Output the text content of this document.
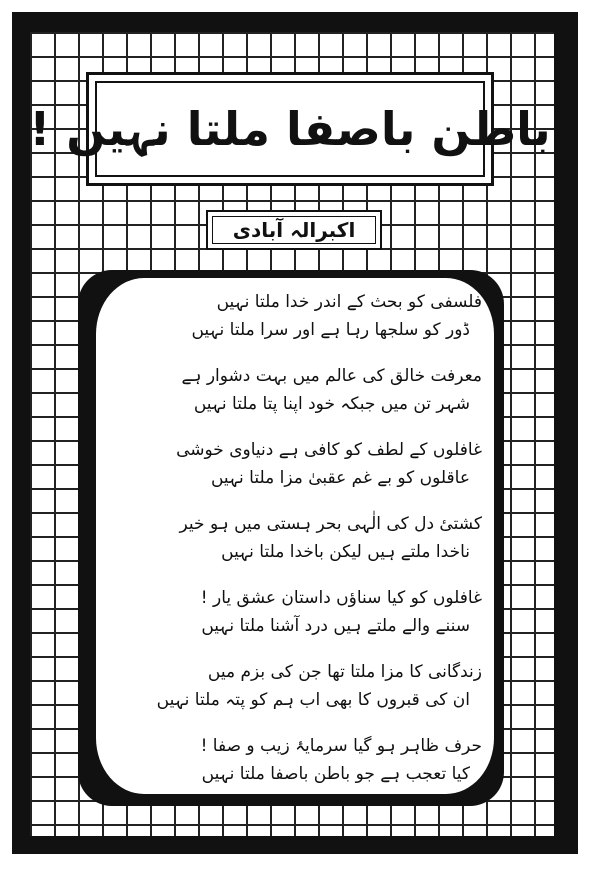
باطن باصفا ملتا نہیں !
اکبرالہ آبادی
فلسفی کو بحث کے اندر خدا ملتا نہیں
ڈور کو سلجھا رہا ہے اور سرا ملتا نہیں
معرفت خالق کی عالم میں بہت دشوار ہے
شہر تن میں جبکہ خود اپنا پتا ملتا نہیں
غافلوں کے لطف کو کافی ہے دنیاوی خوشی
عاقلوں کو بے غم عقبیٰ مزا ملتا نہیں
کشتیٔ دل کی الٰہی بحر ہستی میں ہو خیر
ناخدا ملتے ہیں لیکن باخدا ملتا نہیں
غافلوں کو کیا سناؤں داستان عشق یار !
سننے والے ملتے ہیں درد آشنا ملتا نہیں
زندگانی کا مزا ملتا تھا جن کی بزم میں
ان کی قبروں کا بھی اب ہم کو پتہ ملتا نہیں
حرف ظاہر ہو گیا سرمایۂ زیب و صفا !
کیا تعجب ہے جو باطن باصفا ملتا نہیں
